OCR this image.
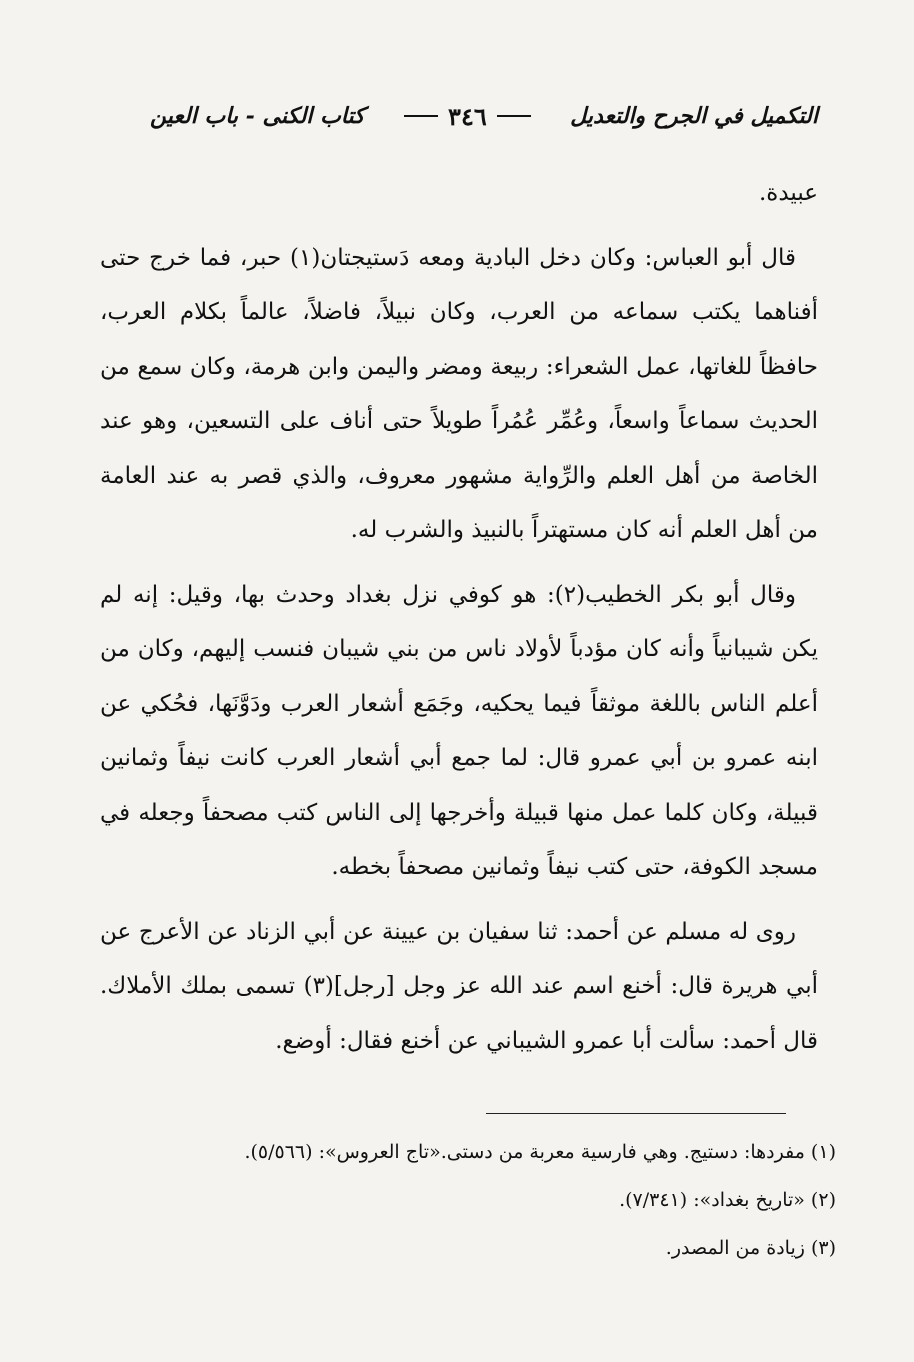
التكميل في الجرح والتعديل
٣٤٦
كتاب الكنى - باب العين

عبيدة.

قال أبو العباس: وكان دخل البادية ومعه دَستيجتان(١) حبر، فما خرج حتى أفناهما يكتب سماعه من العرب، وكان نبيلاً، فاضلاً، عالماً بكلام العرب، حافظاً للغاتها، عمل الشعراء: ربيعة ومضر واليمن وابن هرمة، وكان سمع من الحديث سماعاً واسعاً، وعُمِّر عُمُراً طويلاً حتى أناف على التسعين، وهو عند الخاصة من أهل العلم والرِّواية مشهور معروف، والذي قصر به عند العامة من أهل العلم أنه كان مستهتراً بالنبيذ والشرب له.

وقال أبو بكر الخطيب(٢): هو كوفي نزل بغداد وحدث بها، وقيل: إنه لم يكن شيبانياً وأنه كان مؤدباً لأولاد ناس من بني شيبان فنسب إليهم، وكان من أعلم الناس باللغة موثقاً فيما يحكيه، وجَمَع أشعار العرب ودَوَّنَها، فحُكي عن ابنه عمرو بن أبي عمرو قال: لما جمع أبي أشعار العرب كانت نيفاً وثمانين قبيلة، وكان كلما عمل منها قبيلة وأخرجها إلى الناس كتب مصحفاً وجعله في مسجد الكوفة، حتى كتب نيفاً وثمانين مصحفاً بخطه.

روى له مسلم عن أحمد: ثنا سفيان بن عيينة عن أبي الزناد عن الأعرج عن أبي هريرة قال: أخنع اسم عند الله عز وجل [رجل](٣) تسمى بملك الأملاك. قال أحمد: سألت أبا عمرو الشيباني عن أخنع فقال: أوضع.

(١) مفردها: دستيج. وهي فارسية معربة من دستى.«تاج العروس»: (٥/٥٦٦).
(٢) «تاريخ بغداد»: (٧/٣٤١).
(٣) زيادة من المصدر.
